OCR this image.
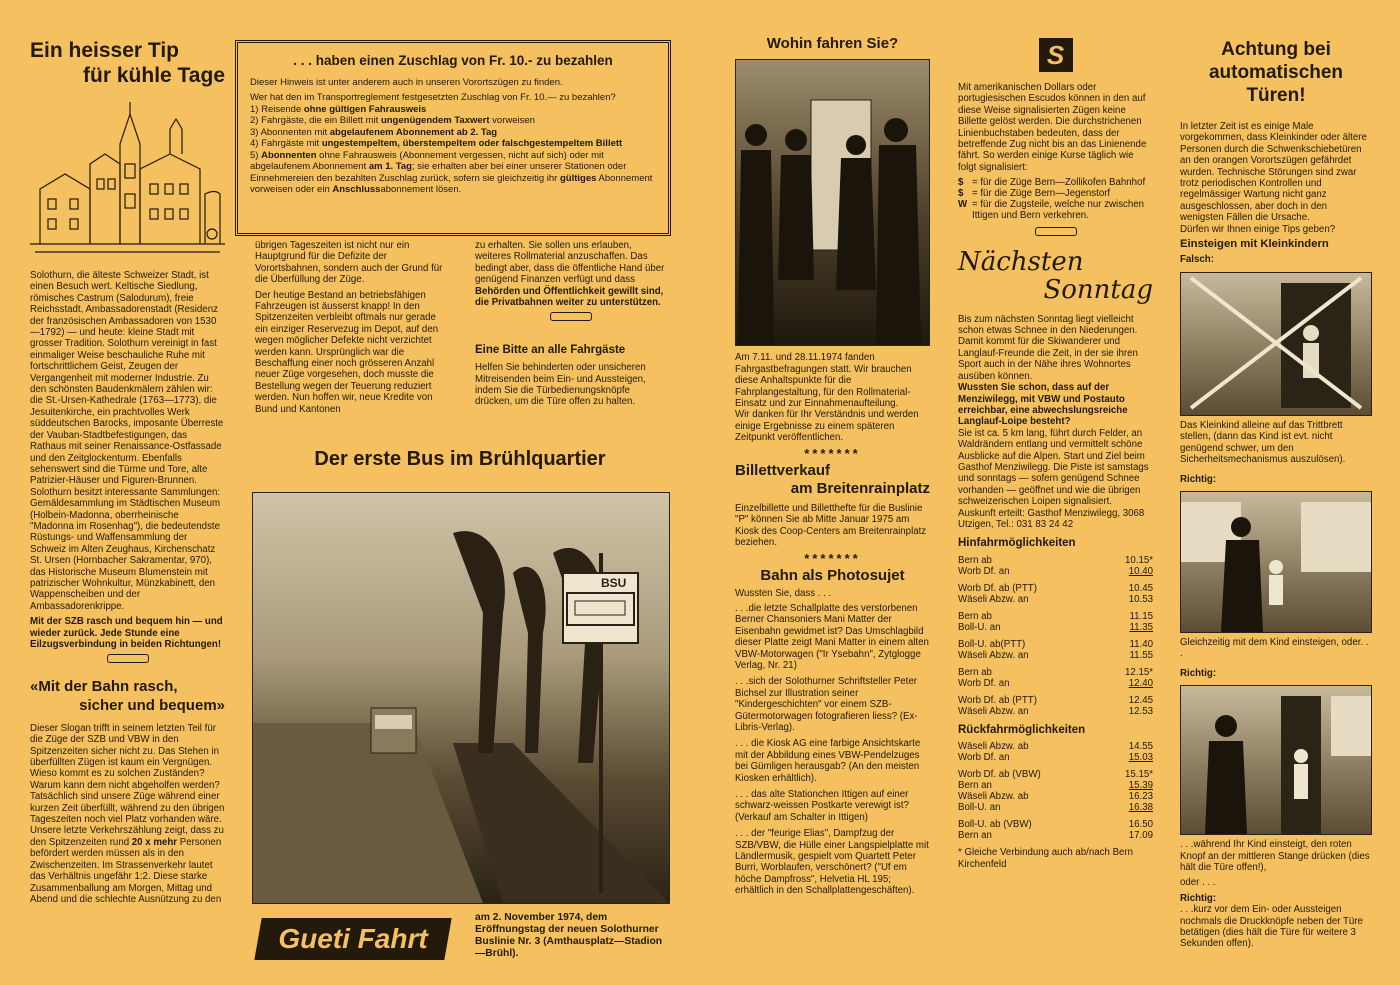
Ein heisser Tip
für kühle Tage

Solothurn, die älteste Schweizer Stadt, ist einen Besuch wert. Keltische Siedlung, römisches Castrum (Salodurum), freie Reichsstadt, Ambassadorenstadt (Residenz der französischen Ambassadoren von 1530—1792) — und heute: kleine Stadt mit grosser Tradition. Solothurn vereinigt in fast einmaliger Weise beschauliche Ruhe mit fortschrittlichem Geist, Zeugen der Vergangenheit mit moderner Industrie. Zu den schönsten Baudenkmälern zählen wir: die St.-Ursen-Kathedrale (1763—1773), die Jesuitenkirche, ein prachtvolles Werk süddeutschen Barocks, imposante Überreste der Vauban-Stadtbefestigungen, das Rathaus mit seiner Renaissance-Ostfassade und den Zeitglockenturm. Ebenfalls sehenswert sind die Türme und Tore, alte Patrizier-Häuser und Figuren-Brunnen. Solothurn besitzt interessante Sammlungen: Gemäldesammlung im Städtischen Museum (Holbein-Madonna, oberrheinische "Madonna im Rosenhag"), die bedeutendste Rüstungs- und Waffensammlung der Schweiz im Alten Zeughaus, Kirchenschatz St. Ursen (Hornbacher Sakramentar, 970), das Historische Museum Blumenstein mit patrizischer Wohnkultur, Münzkabinett, den Wappenscheiben und der Ambassadorenkrippe.

Mit der SZB rasch und bequem hin — und wieder zurück. Jede Stunde eine Eilzugsverbindung in beiden Richtungen!

«Mit der Bahn rasch,
sicher und bequem»

Dieser Slogan trifft in seinem letzten Teil für die Züge der SZB und VBW in den Spitzenzeiten sicher nicht zu. Das Stehen in überfüllten Zügen ist kaum ein Vergnügen. Wieso kommt es zu solchen Zuständen? Warum kann dem nicht abgeholfen werden?

Tatsächlich sind unsere Züge während einer kurzen Zeit überfüllt, während zu den übrigen Tageszeiten noch viel Platz vorhanden wäre. Unsere letzte Verkehrszählung zeigt, dass zu den Spitzenzeiten rund 20 x mehr Personen befördert werden müssen als in den Zwischenzeiten. Im Strassenverkehr lautet das Verhältnis ungefähr 1:2. Diese starke Zusammenballung am Morgen, Mittag und Abend und die schlechte Ausnützung zu den

. . . haben einen Zuschlag von Fr. 10.- zu bezahlen
Dieser Hinweis ist unter anderem auch in unseren Vorortszügen zu finden.
Wer hat den im Transportreglement festgesetzten Zuschlag von Fr. 10.— zu bezahlen?
1) Reisende ohne gültigen Fahrausweis
2) Fahrgäste, die ein Billett mit ungenügendem Taxwert vorweisen
3) Abonnenten mit abgelaufenem Abonnement ab 2. Tag
4) Fahrgäste mit ungestempeltem, überstempeltem oder falschgestempeltem Billett
5) Abonnenten ohne Fahrausweis (Abonnement vergessen, nicht auf sich) oder mit abgelaufenem Abonnement am 1. Tag; sie erhalten aber bei einer unserer Stationen oder Einnehmereien den bezahlten Zuschlag zurück, sofern sie gleichzeitig ihr gültiges Abonnement vorweisen oder ein Anschlussabonnement lösen.

übrigen Tageszeiten ist nicht nur ein Hauptgrund für die Defizite der Vorortsbahnen, sondern auch der Grund für die Überfüllung der Züge.

Der heutige Bestand an betriebsfähigen Fahrzeugen ist äusserst knapp! In den Spitzenzeiten verbleibt oftmals nur gerade ein einziger Reservezug im Depot, auf den wegen möglicher Defekte nicht verzichtet werden kann. Ursprünglich war die Beschaffung einer noch grösseren Anzahl neuer Züge vorgesehen, doch musste die Bestellung wegen der Teuerung reduziert werden. Nun hoffen wir, neue Kredite von Bund und Kantonen

zu erhalten. Sie sollen uns erlauben, weiteres Rollmaterial anzuschaffen. Das bedingt aber, dass die öffentliche Hand über genügend Finanzen verfügt und dass Behörden und Öffentlichkeit gewillt sind, die Privatbahnen weiter zu unterstützen.

Eine Bitte an alle Fahrgäste

Helfen Sie behinderten oder unsicheren Mitreisenden beim Ein- und Aussteigen, indem Sie die Türbedienungsknöpfe drücken, um die Türe offen zu halten.

Der erste Bus im Brühlquartier
BSU
Gueti Fahrt
am 2. November 1974, dem Eröffnungstag der neuen Solothurner Buslinie Nr. 3 (Amthausplatz—Stadion—Brühl).
Wohin fahren Sie?

Am 7.11. und 28.11.1974 fanden Fahrgastbefragungen statt. Wir brauchen diese Anhaltspunkte für die Fahrplangestaltung, für den Rollmaterial-Einsatz und zur Einnahmenaufteilung.
Wir danken für Ihr Verständnis und werden einige Ergebnisse zu einem späteren Zeitpunkt veröffentlichen.

*******
Billettverkauf
am Breitenrainplatz

Einzelbillette und Billetthefte für die Buslinie "P" können Sie ab Mitte Januar 1975 am Kiosk des Coop-Centers am Breitenrainplatz beziehen.

*******
Bahn als Photosujet

Wussten Sie, dass . . .

. . .die letzte Schallplatte des verstorbenen Berner Chansoniers Mani Matter der Eisenbahn gewidmet ist? Das Umschlagbild dieser Platte zeigt Mani Matter in einem alten VBW-Motorwagen ("Ir Ysebahn", Zytglogge Verlag, Nr. 21)

. . .sich der Solothurner Schriftsteller Peter Bichsel zur Illustration seiner "Kindergeschichten" vor einem SZB-Gütermotorwagen fotografieren liess? (Ex-Libris-Verlag).

. . . die Kiosk AG eine farbige Ansichtskarte mit der Abbildung eines VBW-Pendelzuges bei Gümligen herausgab? (An den meisten Kiosken erhältlich).

. . . das alte Stationchen Ittigen auf einer schwarz-weissen Postkarte verewigt ist? (Verkauf am Schalter in Ittigen)

. . . der "feurige Elias", Dampfzug der SZB/VBW, die Hülle einer Langspielplatte mit Ländlermusik, gespielt vom Quartett Peter Burri, Worblaufen, verschönert? ("Uf em höche Dampfross", Helvetia HL 195; erhältlich in den Schallplattengeschäften).

S

Mit amerikanischen Dollars oder portugiesischen Escudos können in den auf diese Weise signalisierten Zügen keine Billette gelöst werden. Die durchstrichenen Linienbuchstaben bedeuten, dass der betreffende Zug nicht bis an das Linienende fährt. So werden einige Kurse täglich wie folgt signalisiert:

$	= für die Züge Bern—Zollikofen Bahnhof
$	= für die Züge Bern—Jegenstorf
W	= für die Zugsteile, welche nur zwischen Ittigen und Bern verkehren.
Nächsten
Sonntag

Bis zum nächsten Sonntag liegt vielleicht schon etwas Schnee in den Niederungen. Damit kommt für die Skiwanderer und Langlauf-Freunde die Zeit, in der sie ihren Sport auch in der Nähe ihres Wohnortes ausüben können.

Wussten Sie schon, dass auf der Menziwilegg, mit VBW und Postauto erreichbar, eine abwechslungsreiche Langlauf-Loipe besteht?

Sie ist ca. 5 km lang, führt durch Felder, an Waldrändern entlang und vermittelt schöne Ausblicke auf die Alpen. Start und Ziel beim Gasthof Menziwilegg. Die Piste ist samstags und sonntags — sofern genügend Schnee vorhanden — geöffnet und wie die übrigen schweizerischen Loipen signalisiert.

Auskunft erteilt: Gasthof Menziwilegg, 3068 Utzigen, Tel.: 031 83 24 42

Hinfahrmöglichkeiten
Bern ab	10.15*
Worb Df. an	10.40
Worb Df. ab (PTT)	10.45
Wäseli Abzw. an	10.53
Bern ab	11.15
Boll-U. an	11.35
Boll-U. ab(PTT)	11.40
Wäseli Abzw. an	11.55
Bern ab	12.15*
Worb Df. an	12.40
Worb Df. ab (PTT)	12.45
Wäseli Abzw. an	12.53
Rückfahrmöglichkeiten
Wäseli Abzw. ab	14.55
Worb Df. an	15.03
Worb Df. ab (VBW)	15.15*
Bern an	15.39
Wäseli Abzw. ab	16.23
Boll-U. an	16.38
Boll-U. ab (VBW)	16.50
Bern an	17.09

* Gleiche Verbindung auch ab/nach Bern Kirchenfeld

Achtung bei
automatischen Türen!

In letzter Zeit ist es einige Male vorgekommen, dass Kleinkinder oder ältere Personen durch die Schwenkschiebetüren an den orangen Vorortszügen gefährdet wurden. Technische Störungen sind zwar trotz periodischen Kontrollen und regelmässiger Wartung nicht ganz ausgeschlossen, aber doch in den wenigsten Fällen die Ursache.
Dürfen wir Ihnen einige Tips geben?

Einsteigen mit Kleinkindern
Falsch:

Das Kleinkind alleine auf das Trittbrett stellen, (dann das Kind ist evt. nicht genügend schwer, um den Sicherheitsmechanismus auszulösen).

Richtig:

Gleichzeitig mit dem Kind einsteigen, oder. . .

Richtig:

. . .während Ihr Kind einsteigt, den roten Knopf an der mittleren Stange drücken (dies hält die Türe offen!),

oder . . .

Richtig:

. . .kurz vor dem Ein- oder Aussteigen nochmals die Druckknöpfe neben der Türe betätigen (dies hält die Türe für weitere 3 Sekunden offen).
